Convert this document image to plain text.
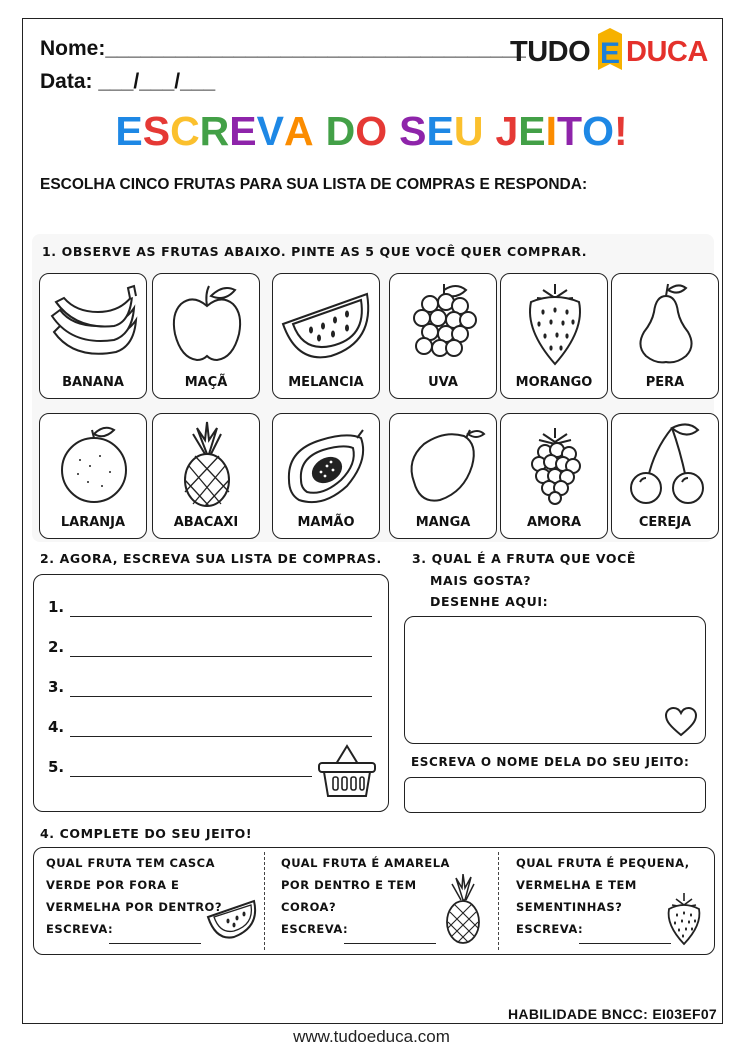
Nome:____________________________________
Data: ___/___/___
TUDO E DUCA
ESCREVA DO SEU JEITO!
ESCOLHA CINCO FRUTAS PARA SUA LISTA DE COMPRAS E RESPONDA:
1. OBSERVE AS FRUTAS ABAIXO. PINTE AS 5 QUE VOCÊ QUER COMPRAR.
BANANA	MAÇÃ	MELANCIA	UVA	MORANGO	PERA
LARANJA	ABACAXI	MAMÃO	MANGA	AMORA	CEREJA
2. AGORA, ESCREVA SUA LISTA DE COMPRAS.
1.
2.
3.
4.
5.
3. QUAL É A FRUTA QUE VOCÊ
MAIS GOSTA?
DESENHE AQUI:
ESCREVA O NOME DELA DO SEU JEITO:
4. COMPLETE DO SEU JEITO!
QUAL FRUTA TEM CASCA
VERDE POR FORA E
VERMELHA POR DENTRO?
ESCREVA:
QUAL FRUTA É AMARELA
POR DENTRO E TEM
COROA?
ESCREVA:
QUAL FRUTA É PEQUENA,
VERMELHA E TEM
SEMENTINHAS?
ESCREVA:
HABILIDADE BNCC: EI03EF07
www.tudoeduca.com
